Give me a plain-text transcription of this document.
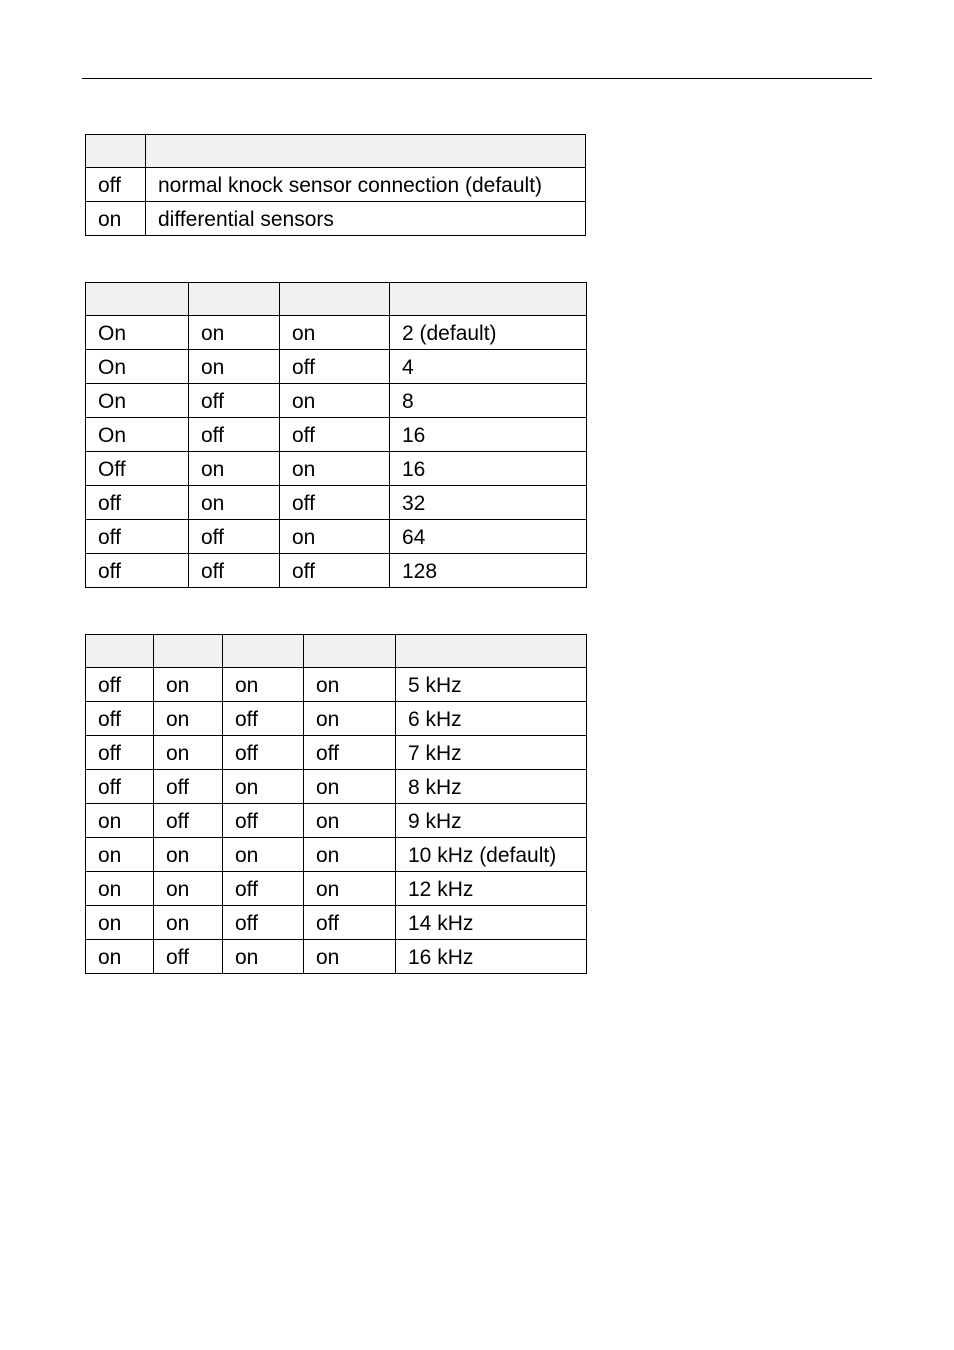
off	normal knock sensor connection (default)
on	differential sensors

On	on	on	2 (default)
On	on	off	4
On	off	on	8
On	off	off	16
Off	on	on	16
off	on	off	32
off	off	on	64
off	off	off	128

off	on	on	on	5 kHz
off	on	off	on	6 kHz
off	on	off	off	7 kHz
off	off	on	on	8 kHz
on	off	off	on	9 kHz
on	on	on	on	10 kHz (default)
on	on	off	on	12 kHz
on	on	off	off	14 kHz
on	off	on	on	16 kHz
